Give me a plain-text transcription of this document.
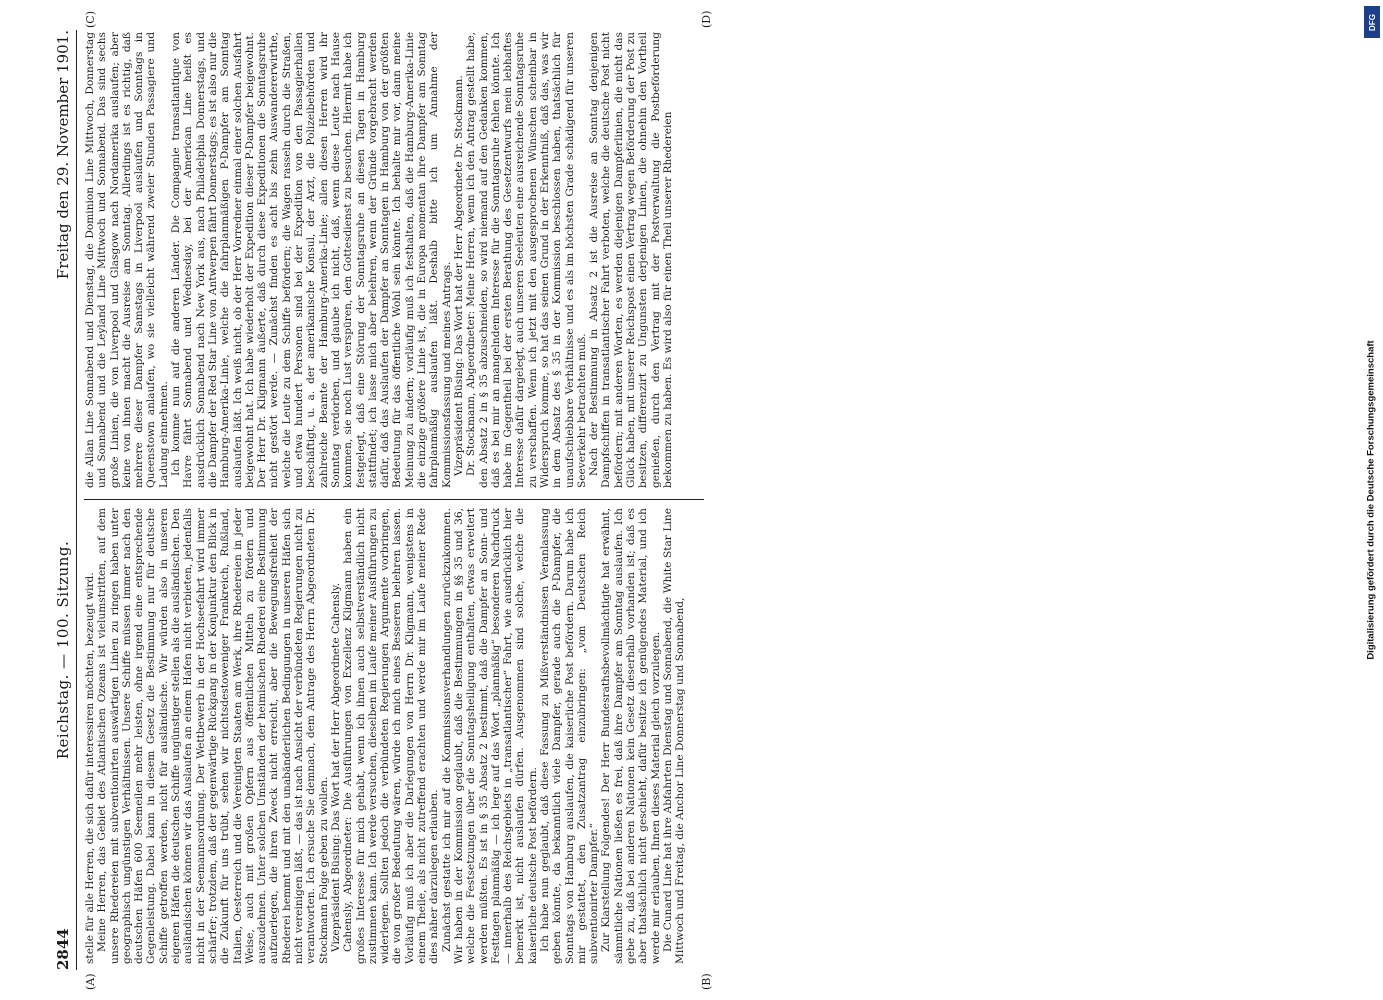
2844
Reichstag. — 100. Sitzung.
Freitag den 29. November 1901.

stelle für alle Herren, die sich dafür interessiren möchten, bezeugt wird. Meine Herren, das Gebiet des Atlantischen Ozeans ist vielumstritten, auf dem unsere Rhedereien mit subventionirten auswärtigen Linien zu ringen haben unter geographisch ungünstigen Verhältnissen. Unsere Schiffe müssen immer nach den deutschen Häfen 600 Seemeilen mehr leisten, ohne irgend eine entsprechende Gegenleistung. Dabei kann in diesem Gesetz die Bestimmung nur für deutsche Schiffe getroffen werden, nicht für ausländische. Wir würden also in unseren eigenen Häfen die deutschen Schiffe ungünstiger stellen als die ausländischen. Den ausländischen können wir das Auslaufen an einem Hafen nicht verbieten, jedenfalls nicht in der Seemannsordnung. Der Wettbewerb in der Hochseefahrt wird immer schärfer; trotzdem, daß der gegenwärtige Rückgang in der Konjunktur den Blick in die Zukunft für uns trübt, sehen wir nichtsdestoweniger Frankreich, Rußland, Italien, Oesterreich und die Vereinigten Staaten am Werk, ihre Rhedereien in jeder Weise, auch mit großen Opfern aus öffentlichen Mitteln zu fördern und auszudehnen. Unter solchen Umständen der heimischen Rhederei eine Bestimmung aufzuerlegen, die ihren Zweck nicht erreicht, aber die Bewegungsfreiheit der Rhederei hemmt und mit den unabänderlichen Bedingungen in unseren Häfen sich nicht vereinigen läßt, — das ist nach Ansicht der verbündeten Regierungen nicht zu verantworten. Ich ersuche Sie demnach, dem Antrage des Herrn Abgeordneten Dr. Stockmann Folge geben zu wollen. Vizepräsident Büsing: Das Wort hat der Herr Abgeordnete Cahensly. Cahensly, Abgeordneter: Die Ausführungen von Exzellenz Kligmann haben ein großes Interesse für mich gehabt, wenn ich ihnen auch selbstverständlich nicht zustimmen kann. Ich werde versuchen, dieselben im Laufe meiner Ausführungen zu widerlegen. Sollten jedoch die verbündeten Regierungen Argumente vorbringen, die von großer Bedeutung wären, würde ich mich eines Besseren belehren lassen. Vorläufig muß ich aber die Darlegungen von Herrn Dr. Kligmann, wenigstens in einem Theile, als nicht zutreffend erachten und werde mir im Laufe meiner Rede dies näher darzulegen erlauben. Zunächst gestatte ich mir auf die Kommissionsverhandlungen zurückzukommen. Wir haben in der Kommission geglaubt, daß die Bestimmungen in §§ 35 und 36, welche die Festsetzungen über die Sonntagsheiligung enthalten, etwas erweitert werden müßten. Es ist in § 35 Absatz 2 bestimmt, daß die Dampfer an Sonn- und Festtagen planmäßig — ich lege auf das Wort „planmäßig“ besonderen Nachdruck — innerhalb des Reichsgebiets in „transatlantischer“ Fahrt, wie ausdrücklich hier bemerkt ist, nicht auslaufen dürfen. Ausgenommen sind solche, welche die kaiserliche deutsche Post befördern. Ich habe nun geglaubt, daß diese Fassung zu Mißverständnissen Veranlassung geben könnte, da bekanntlich viele Dampfer, gerade auch die P-Dampfer, die Sonntags von Hamburg auslaufen, die kaiserliche Post befördern. Darum habe ich mir gestattet, den Zusatzantrag einzubringen: „vom Deutschen Reich subventionirter Dampfer.“ Zur Klarstellung Folgendes! Der Herr Bundesrathsbevollmächtigte hat erwähnt, sämmtliche Nationen ließen es frei, daß ihre Dampfer am Sonntag auslaufen. Ich gebe zu, daß bei anderen Nationen kein Gesetz dieserhalb vorhanden ist; daß es aber thatsächlich nicht geschieht, dafür besitze ich genügendes Material, und ich werde mir erlauben, Ihnen dieses Material gleich vorzulegen. Die Cunard Line hat ihre Abfahrten Dienstag und Sonnabend, die White Star Line Mittwoch und Freitag, die Anchor Line Donnerstag und Sonnabend,

die Allan Line Sonnabend und Dienstag, die Dominion Line Mittwoch, Donnerstag und Sonnabend und die Leyland Line Mittwoch und Sonnabend. Das sind sechs große Linien, die von Liverpool und Glasgow nach Nordamerika auslaufen; aber keine von ihnen macht die Ausreise am Sonntag. Allerdings ist es richtig, daß mehrere dieser Dampfer Samstags in Liverpool auslaufen und Sonntags in Queenstown anlaufen, wo sie vielleicht während zweier Stunden Passagiere und Ladung einnehmen. Ich komme nun auf die anderen Länder. Die Compagnie transatlantique von Havre fährt Sonnabend und Wednesday, bei der American Line heißt es ausdrücklich Sonnabend nach New York aus, nach Philadelphia Donnerstags, und die Dampfer der Red Star Line von Antwerpen fährt Donnerstags; es ist also nur die Hamburg-Amerika-Linie, welche die fahrplanmäßigen P-Dampfer am Sonntag auslaufen läßt. Ich weiß nicht, ob der Herr Vorredner einmal einer solchen Ausfahrt beigewohnt hat. Ich habe wiederholt der Expedition dieser P-Dampfer beigewohnt. Der Herr Dr. Kligmann äußerte, daß durch diese Expeditionen die Sonntagsruhe nicht gestört werde. — Zunächst finden es acht bis zehn Auswandererwirthe, welche die Leute zu dem Schiffe befördern; die Wagen rasseln durch die Straßen, und etwa hundert Personen sind bei der Expedition von den Passagierhallen beschäftigt, u. a. der amerikanische Konsul, der Arzt, die Polizeibehörden und zahlreiche Beamte der Hamburg-Amerika-Linie; allen diesen Herren wird ihr Sonntag verdorben, und glaube ich nicht, daß, wenn diese Leute nach Hause kommen, sie noch Lust verspüren, den Gottesdienst zu besuchen. Hiermit habe ich festgelegt, daß eine Störung der Sonntagsruhe an diesen Tagen in Hamburg stattfindet; ich lasse mich aber belehren, wenn der Gründe vorgebracht werden dafür, daß das Auslaufen der Dampfer an Sonntagen in Hamburg von der größten Bedeutung für das öffentliche Wohl sein könnte. Ich behalte mir vor, dann meine Meinung zu ändern; vorläufig muß ich festhalten, daß die Hamburg-Amerika-Linie die einzige größere Linie ist, die in Europa momentan ihre Dampfer am Sonntag fahrplanmäßig auslaufen läßt. Deshalb bitte ich um Annahme der Kommissionsfassung und meines Antrags. Vizepräsident Büsing: Das Wort hat der Herr Abgeordnete Dr. Stockmann. Dr. Stockmann, Abgeordneter: Meine Herren, wenn ich den Antrag gestellt habe, den Absatz 2 in § 35 abzuschneiden, so wird niemand auf den Gedanken kommen, daß es bei mir an mangelndem Interesse für die Sonntagsruhe fehlen könnte. Ich habe im Gegentheil bei der ersten Berathung des Gesetzentwurfs mein lebhaftes Interesse dafür dargelegt, auch unseren Seeleuten eine ausreichende Sonntagsruhe zu verschaffen. Wenn ich jetzt mit den ausgesprochenen Wünschen scheinbar in Widerspruch komme, so hat das seinen Grund in der Erkenntniß, daß das, was wir in dem Absatz des § 35 in der Kommission beschlossen haben, thatsächlich für unaufschiebbare Verhältnisse und es als im höchsten Grade schädigend für unseren Seeverkehr betrachten muß. Nach der Bestimmung in Absatz 2 ist die Ausreise an Sonntag denjenigen Dampfschiffen in transatlantischer Fahrt verboten, welche die deutsche Post nicht befördern; mit anderen Worten, es werden diejenigen Dampferlinien, die nicht das Glück haben, mit unserer Reichspost einen Vertrag wegen Beförderung der Post zu besitzen, differenzirt zu Ungunsten derjenigen Linien, die ohnehin den Vortheil genießen, durch den Vertrag mit der Postverwaltung die Postbeförderung bekommen zu haben. Es wird also für einen Theil unserer Rhedereien

(A)	(B)
(C)	(D)	DFG
Digitalisierung gefördert durch die Deutsche Forschungsgemeinschaft
